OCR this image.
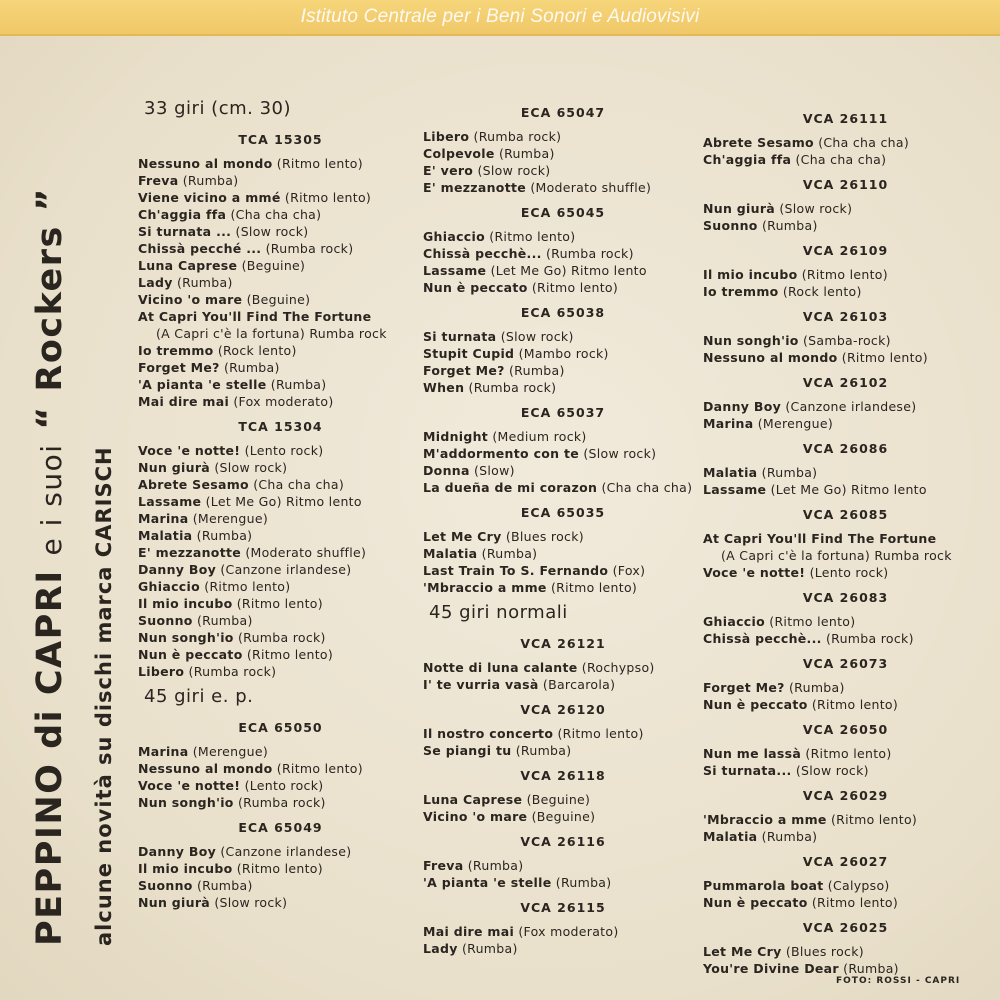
Istituto Centrale per i Beni Sonori e Audiovisivi
PEPPINO di CAPRI e i suoi “ Rockers ”
alcune novità su dischi marca CARISCH
33 giri (cm. 30)
TCA 15305
Nessuno al mondo (Ritmo lento)
Freva (Rumba)
Viene vicino a mmé (Ritmo lento)
Ch'aggia ffa (Cha cha cha)
Si turnata ... (Slow rock)
Chissà pecché ... (Rumba rock)
Luna Caprese (Beguine)
Lady (Rumba)
Vicino 'o mare (Beguine)
At Capri You'll Find The Fortune
(A Capri c'è la fortuna) Rumba rock
Io tremmo (Rock lento)
Forget Me? (Rumba)
'A pianta 'e stelle (Rumba)
Mai dire mai (Fox moderato)
TCA 15304
Voce 'e notte! (Lento rock)
Nun giurà (Slow rock)
Abrete Sesamo (Cha cha cha)
Lassame (Let Me Go) Ritmo lento
Marina (Merengue)
Malatia (Rumba)
E' mezzanotte (Moderato shuffle)
Danny Boy (Canzone irlandese)
Ghiaccio (Ritmo lento)
Il mio incubo (Ritmo lento)
Suonno (Rumba)
Nun songh'io (Rumba rock)
Nun è peccato (Ritmo lento)
Libero (Rumba rock)
45 giri e. p.
ECA 65050
Marina (Merengue)
Nessuno al mondo (Ritmo lento)
Voce 'e notte! (Lento rock)
Nun songh'io (Rumba rock)
ECA 65049
Danny Boy (Canzone irlandese)
Il mio incubo (Ritmo lento)
Suonno (Rumba)
Nun giurà (Slow rock)
ECA 65047
Libero (Rumba rock)
Colpevole (Rumba)
E' vero (Slow rock)
E' mezzanotte (Moderato shuffle)
ECA 65045
Ghiaccio (Ritmo lento)
Chissà pecchè... (Rumba rock)
Lassame (Let Me Go) Ritmo lento
Nun è peccato (Ritmo lento)
ECA 65038
Si turnata (Slow rock)
Stupit Cupid (Mambo rock)
Forget Me? (Rumba)
When (Rumba rock)
ECA 65037
Midnight (Medium rock)
M'addormento con te (Slow rock)
Donna (Slow)
La dueña de mi corazon (Cha cha cha)
ECA 65035
Let Me Cry (Blues rock)
Malatia (Rumba)
Last Train To S. Fernando (Fox)
'Mbraccio a mme (Ritmo lento)
45 giri normali
VCA 26121
Notte di luna calante (Rochypso)
I' te vurria vasà (Barcarola)
VCA 26120
Il nostro concerto (Ritmo lento)
Se piangi tu (Rumba)
VCA 26118
Luna Caprese (Beguine)
Vicino 'o mare (Beguine)
VCA 26116
Freva (Rumba)
'A pianta 'e stelle (Rumba)
VCA 26115
Mai dire mai (Fox moderato)
Lady (Rumba)
VCA 26111
Abrete Sesamo (Cha cha cha)
Ch'aggia ffa (Cha cha cha)
VCA 26110
Nun giurà (Slow rock)
Suonno (Rumba)
VCA 26109
Il mio incubo (Ritmo lento)
Io tremmo (Rock lento)
VCA 26103
Nun songh'io (Samba-rock)
Nessuno al mondo (Ritmo lento)
VCA 26102
Danny Boy (Canzone irlandese)
Marina (Merengue)
VCA 26086
Malatia (Rumba)
Lassame (Let Me Go) Ritmo lento
VCA 26085
At Capri You'll Find The Fortune
(A Capri c'è la fortuna) Rumba rock
Voce 'e notte! (Lento rock)
VCA 26083
Ghiaccio (Ritmo lento)
Chissà pecchè... (Rumba rock)
VCA 26073
Forget Me? (Rumba)
Nun è peccato (Ritmo lento)
VCA 26050
Nun me lassà (Ritmo lento)
Si turnata... (Slow rock)
VCA 26029
'Mbraccio a mme (Ritmo lento)
Malatia (Rumba)
VCA 26027
Pummarola boat (Calypso)
Nun è peccato (Ritmo lento)
VCA 26025
Let Me Cry (Blues rock)
You're Divine Dear (Rumba)
FOTO: ROSSI - CAPRI
